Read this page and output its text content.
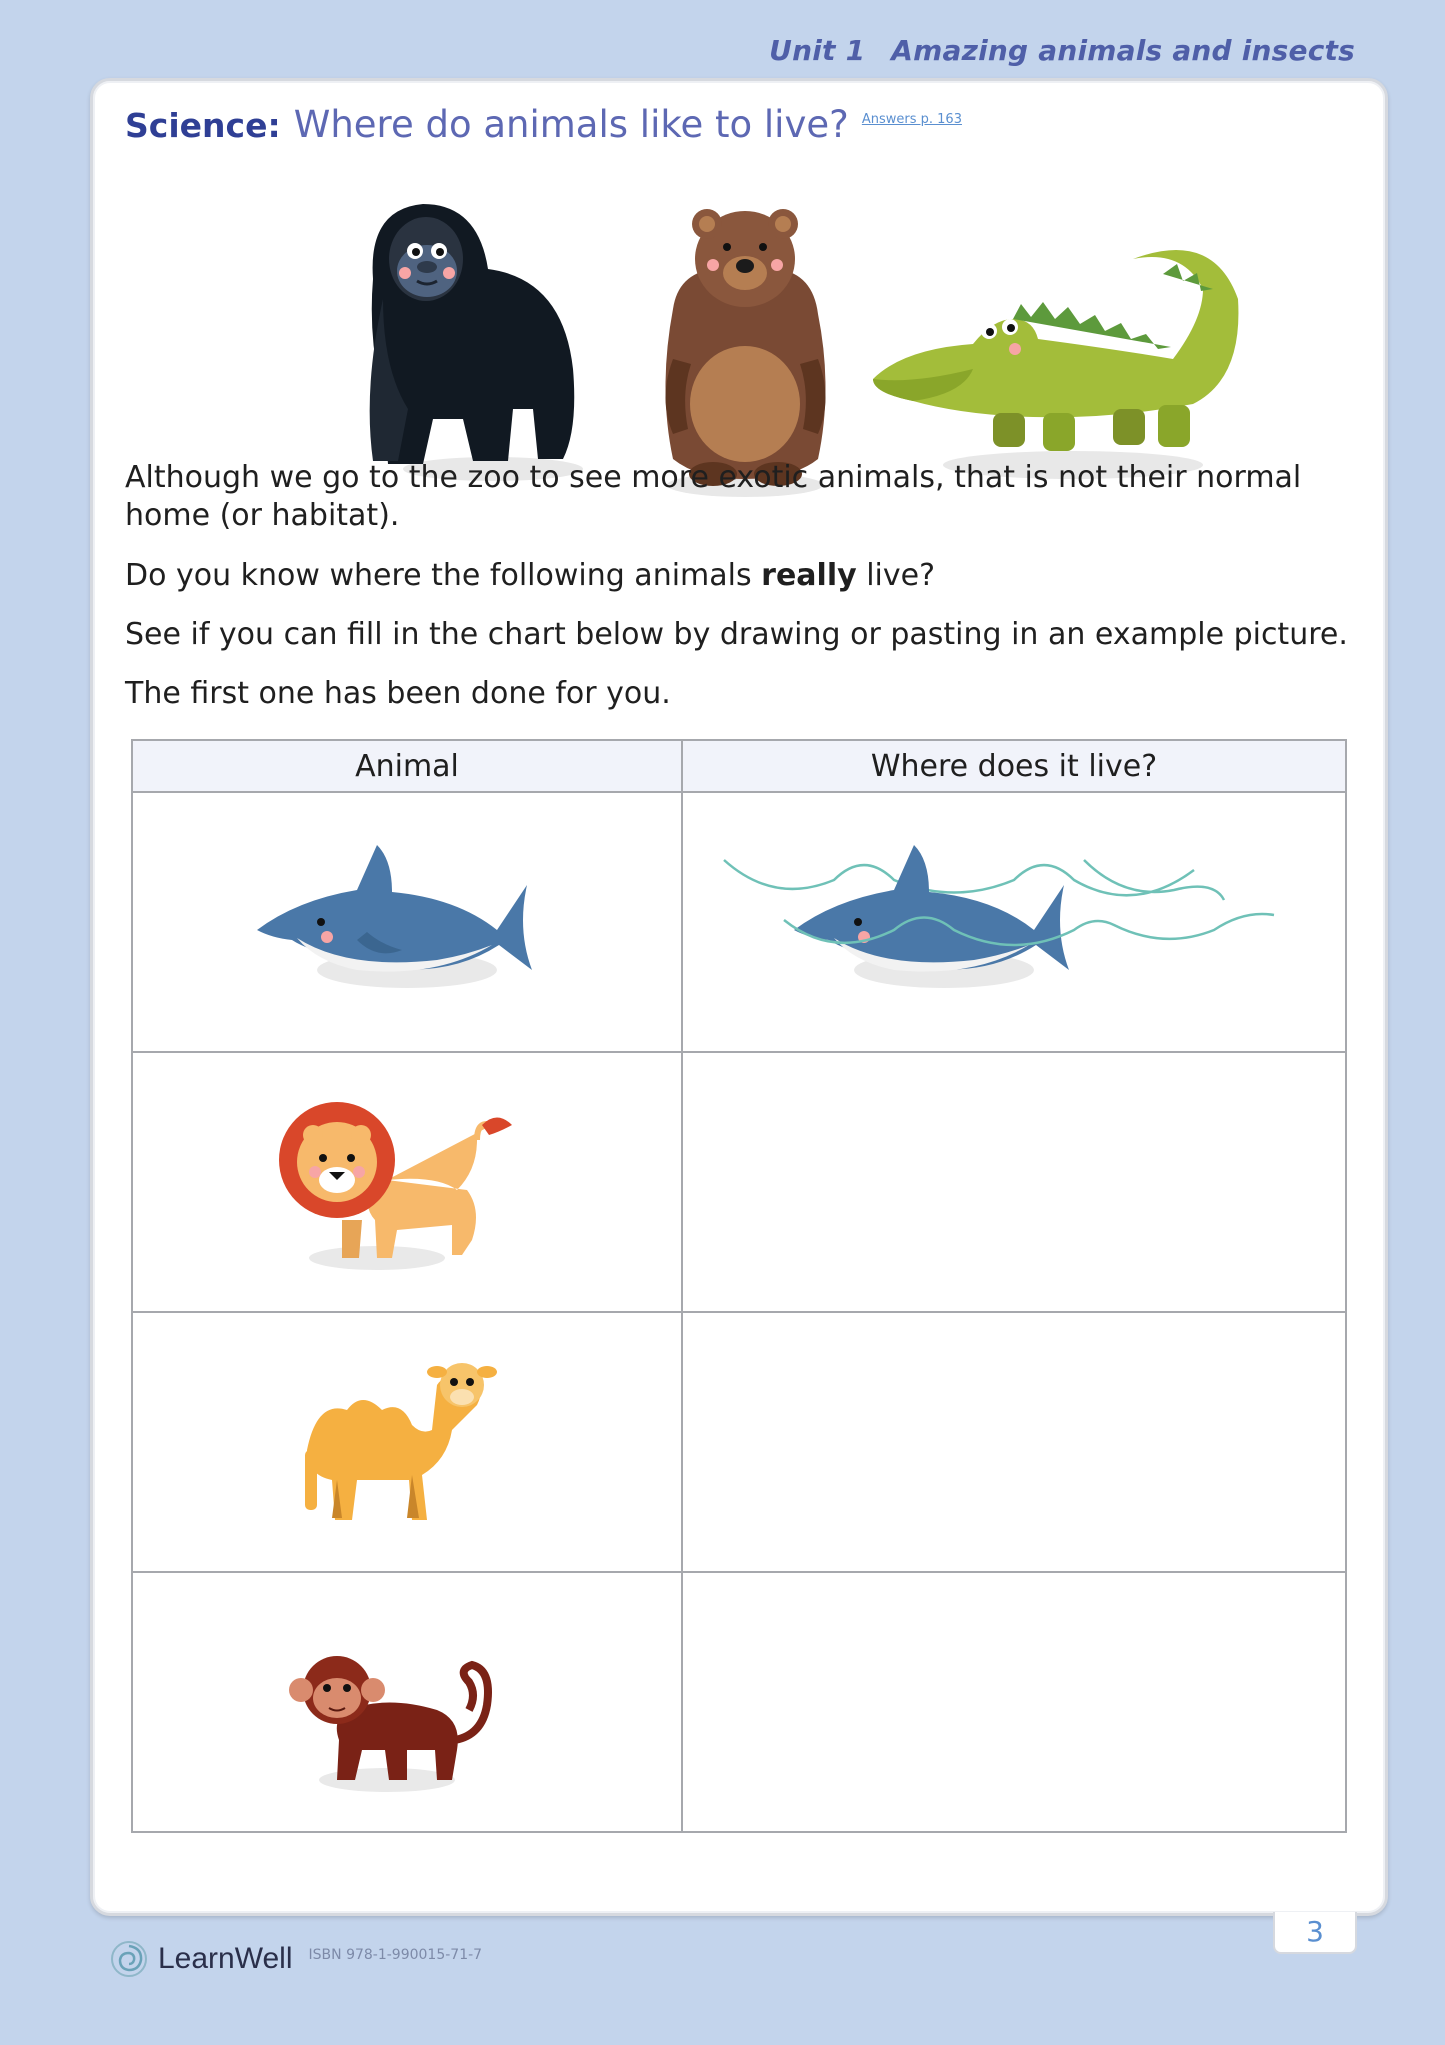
Unit 1 Amazing animals and insects
Science: Where do animals like to live? $^{Answers p. 163}$
Although we go to the zoo to see more exotic animals, that is not their normal home (or habitat).
Do you know where the following animals really live?
See if you can fill in the chart below by drawing or pasting in an example picture.
The first one has been done for you.
Animal	Where does it live?

3
LearnWell ISBN 978-1-990015-71-7
